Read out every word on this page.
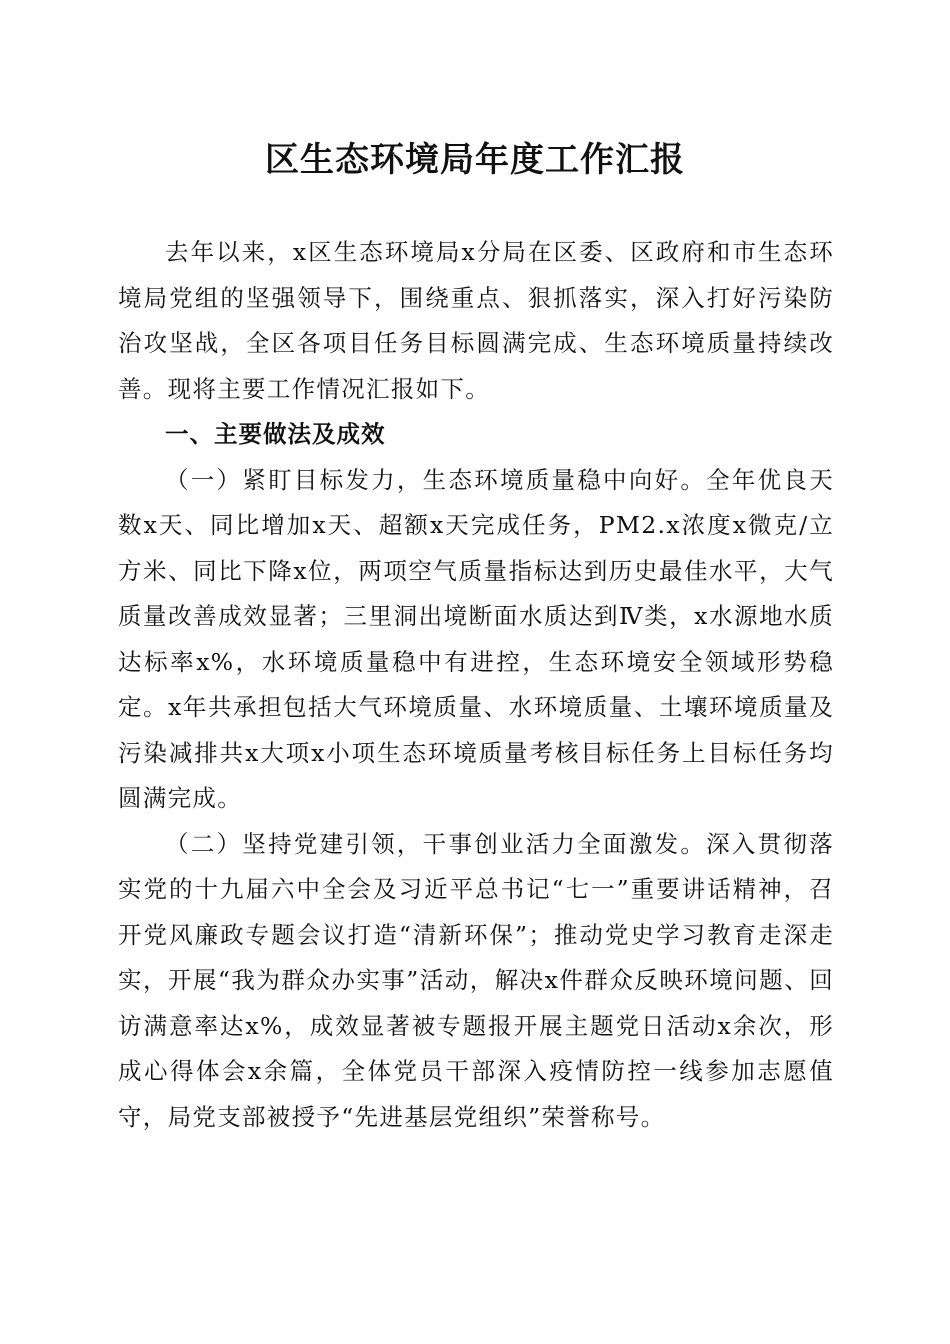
区生态环境局年度工作汇报

去年以来，x区生态环境局x分局在区委、区政府和市生态环境局党组的坚强领导下，围绕重点、狠抓落实，深入打好污染防治攻坚战，全区各项目任务目标圆满完成、生态环境质量持续改善。现将主要工作情况汇报如下。

一、主要做法及成效

（一）紧盯目标发力，生态环境质量稳中向好。全年优良天数x天、同比增加x天、超额x天完成任务，PM2.x浓度x微克/立方米、同比下降x位，两项空气质量指标达到历史最佳水平，大气质量改善成效显著；三里洞出境断面水质达到Ⅳ类，x水源地水质达标率x%，水环境质量稳中有进控，生态环境安全领域形势稳定。x年共承担包括大气环境质量、水环境质量、土壤环境质量及污染减排共x大项x小项生态环境质量考核目标任务上目标任务均圆满完成。

（二）坚持党建引领，干事创业活力全面激发。深入贯彻落实党的十九届六中全会及习近平总书记“七一”重要讲话精神，召开党风廉政专题会议打造“清新环保”；推动党史学习教育走深走实，开展“我为群众办实事”活动，解决x件群众反映环境问题、回访满意率达x%，成效显著被专题报开展主题党日活动x余次，形成心得体会x余篇，全体党员干部深入疫情防控一线参加志愿值守，局党支部被授予“先进基层党组织”荣誉称号。
